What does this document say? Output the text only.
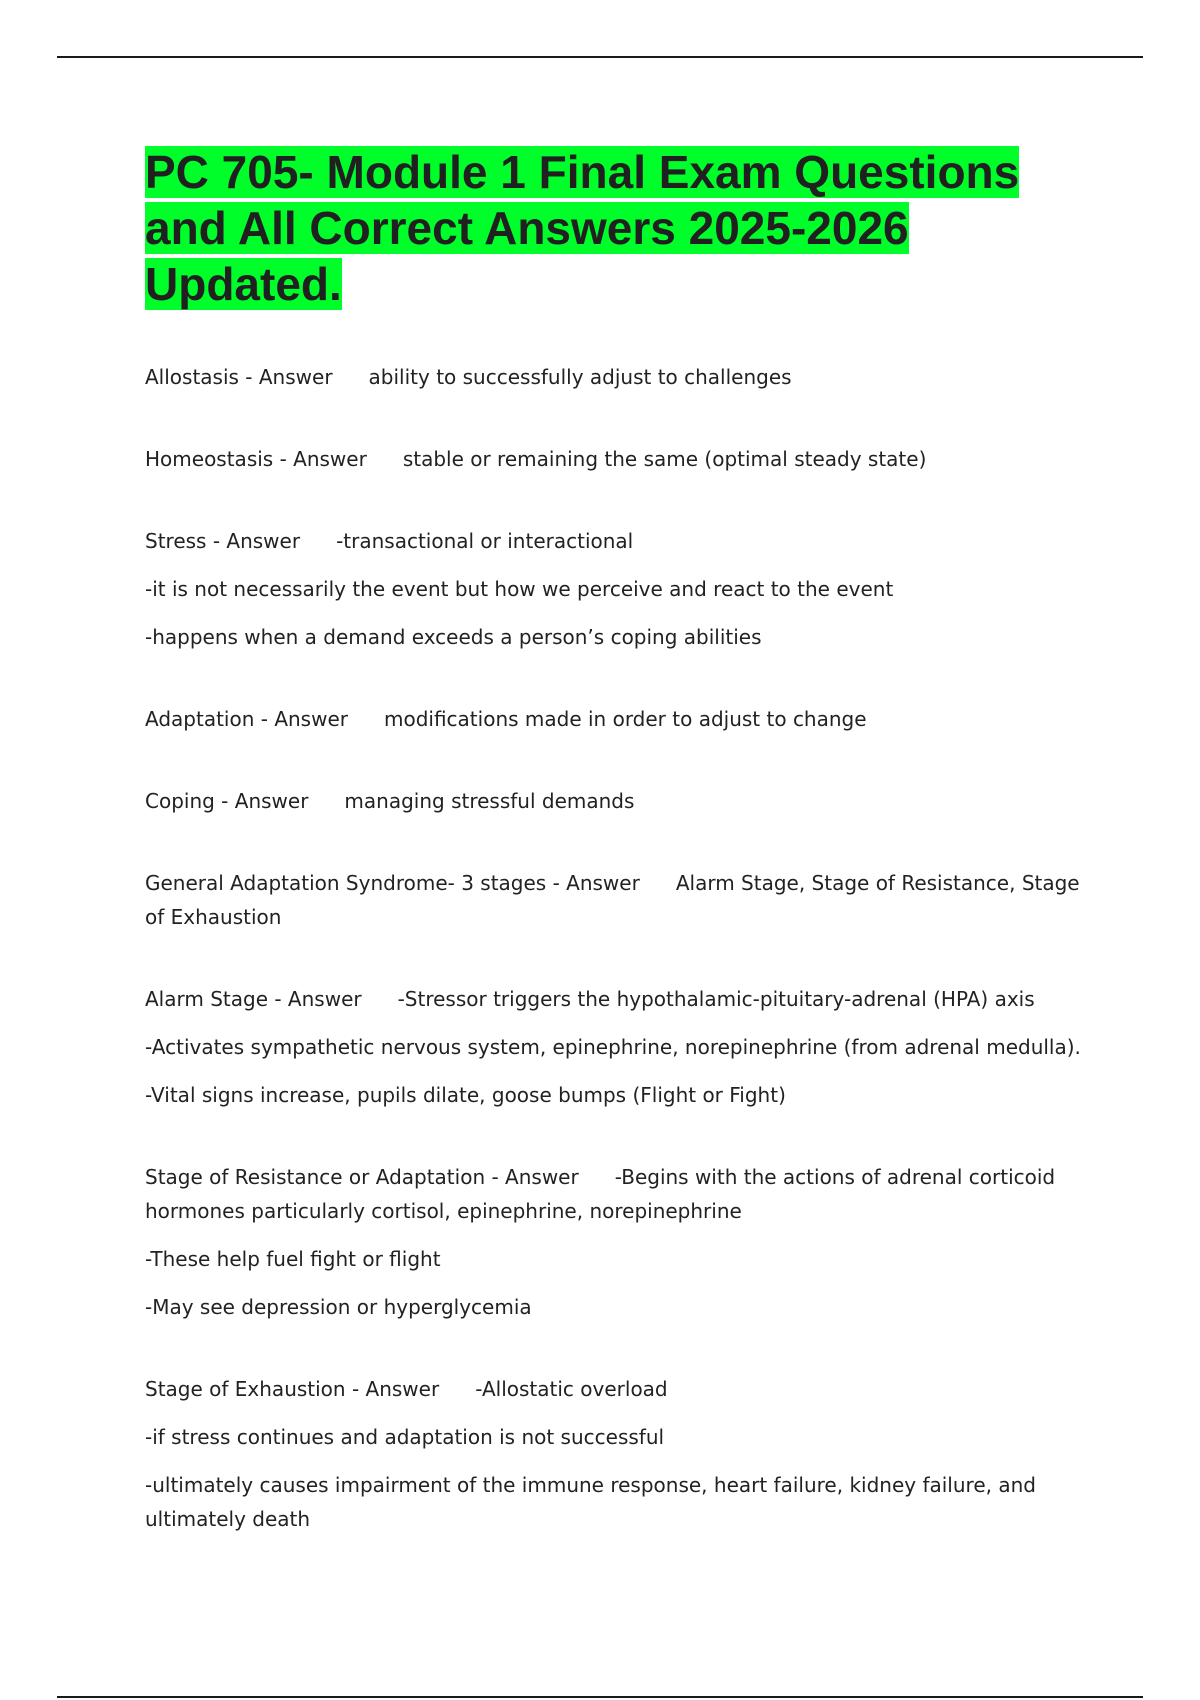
PC 705- Module 1 Final Exam Questions and All Correct Answers 2025-2026 Updated.

Allostasis - Answer ability to successfully adjust to challenges

Homeostasis - Answer stable or remaining the same (optimal steady state)

Stress - Answer -transactional or interactional

-it is not necessarily the event but how we perceive and react to the event

-happens when a demand exceeds a person’s coping abilities

Adaptation - Answer modifications made in order to adjust to change

Coping - Answer managing stressful demands

General Adaptation Syndrome- 3 stages - Answer Alarm Stage, Stage of Resistance, Stage of Exhaustion

Alarm Stage - Answer -Stressor triggers the hypothalamic-pituitary-adrenal (HPA) axis

-Activates sympathetic nervous system, epinephrine, norepinephrine (from adrenal medulla).

-Vital signs increase, pupils dilate, goose bumps (Flight or Fight)

Stage of Resistance or Adaptation - Answer -Begins with the actions of adrenal corticoid hormones particularly cortisol, epinephrine, norepinephrine

-These help fuel fight or flight

-May see depression or hyperglycemia

Stage of Exhaustion - Answer -Allostatic overload

-if stress continues and adaptation is not successful

-ultimately causes impairment of the immune response, heart failure, kidney failure, and ultimately death
